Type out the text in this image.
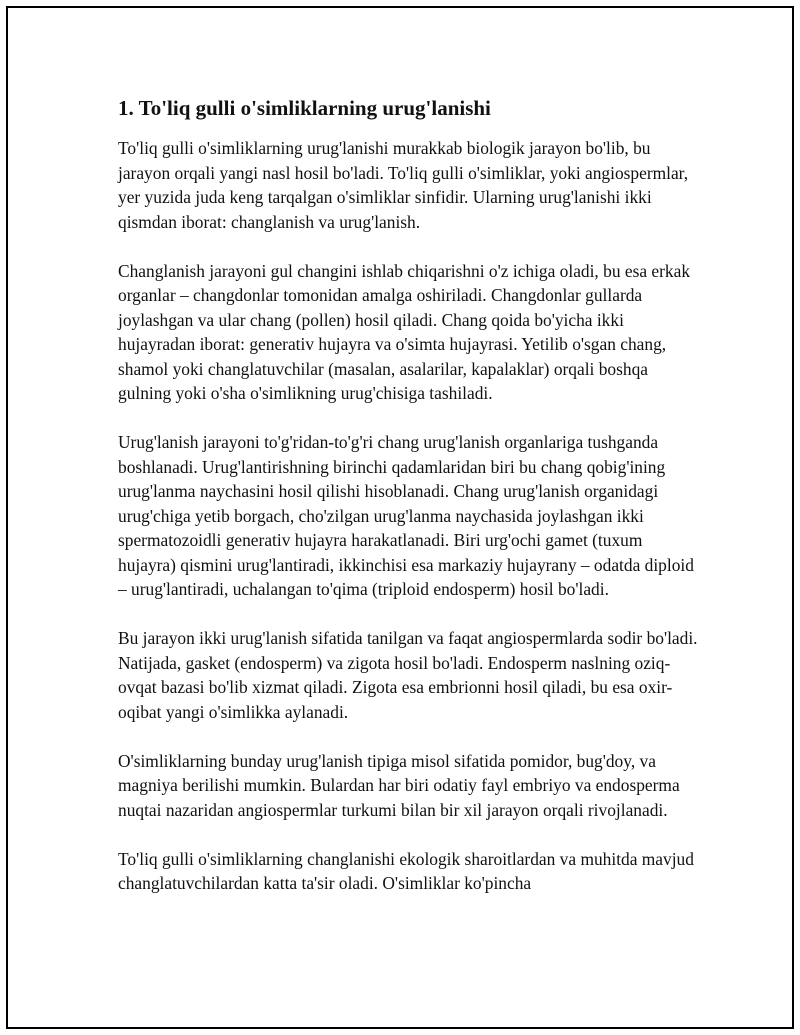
1. To'liq gulli o'simliklarning urug'lanishi

To'liq gulli o'simliklarning urug'lanishi murakkab biologik jarayon bo'lib, bu jarayon orqali yangi nasl hosil bo'ladi. To'liq gulli o'simliklar, yoki angiospermlar, yer yuzida juda keng tarqalgan o'simliklar sinfidir. Ularning urug'lanishi ikki qismdan iborat: changlanish va urug'lanish.

Changlanish jarayoni gul changini ishlab chiqarishni o'z ichiga oladi, bu esa erkak organlar – changdonlar tomonidan amalga oshiriladi. Changdonlar gullarda joylashgan va ular chang (pollen) hosil qiladi. Chang qoida bo'yicha ikki hujayradan iborat: generativ hujayra va o'simta hujayrasi. Yetilib o'sgan chang, shamol yoki changlatuvchilar (masalan, asalarilar, kapalaklar) orqali boshqa gulning yoki o'sha o'simlikning urug'chisiga tashiladi.

Urug'lanish jarayoni to'g'ridan-to'g'ri chang urug'lanish organlariga tushganda boshlanadi. Urug'lantirishning birinchi qadamlaridan biri bu chang qobig'ining urug'lanma naychasini hosil qilishi hisoblanadi. Chang urug'lanish organidagi urug'chiga yetib borgach, cho'zilgan urug'lanma naychasida joylashgan ikki spermatozoidli generativ hujayra harakatlanadi. Biri urg'ochi gamet (tuxum hujayra) qismini urug'lantiradi, ikkinchisi esa markaziy hujayrany – odatda diploid – urug'lantiradi, uchalangan to'qima (triploid endosperm) hosil bo'ladi.

Bu jarayon ikki urug'lanish sifatida tanilgan va faqat angiospermlarda sodir bo'ladi. Natijada, gasket (endosperm) va zigota hosil bo'ladi. Endosperm naslning oziq-ovqat bazasi bo'lib xizmat qiladi. Zigota esa embrionni hosil qiladi, bu esa oxir-oqibat yangi o'simlikka aylanadi.

O'simliklarning bunday urug'lanish tipiga misol sifatida pomidor, bug'doy, va magniya berilishi mumkin. Bulardan har biri odatiy fayl embriyo va endosperma nuqtai nazaridan angiospermlar turkumi bilan bir xil jarayon orqali rivojlanadi.

To'liq gulli o'simliklarning changlanishi ekologik sharoitlardan va muhitda mavjud changlatuvchilardan katta ta'sir oladi. O'simliklar ko'pincha
